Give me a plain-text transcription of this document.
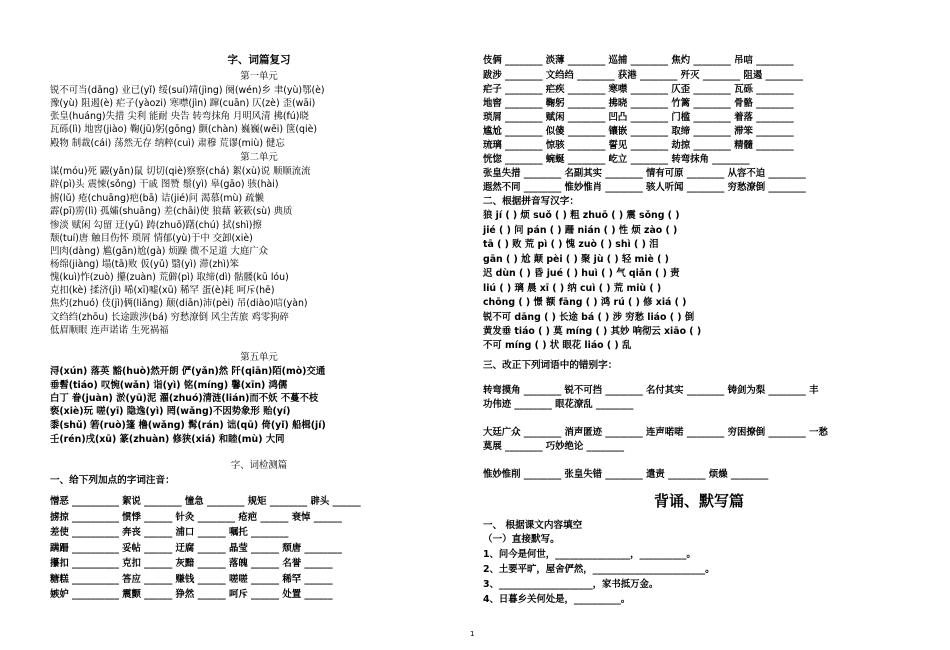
字、词篇复习
第一单元
锐不可当(dāng) 业已(yǐ) 绥(suí)靖(jìng) 阕(wén)乡 聿(yù)鄂(è)
豫(yù) 阻遏(è) 疟子(yàozi) 寒噤(jìn) 蹿(cuān) 仄(zè) 歪(wāi)
张皇(huáng)失措 尖利 能耐 央告 转弯抹角 月明风清 拂(fú)晓
瓦砾(lì) 地窖(jiào) 鞠(jū)躬(gōng) 颤(chàn) 巍巍(wēi) 箧(qiè)
殿物 制裁(cái) 荡然无存 纳粹(cuì) 肃穆 荒谬(miù) 健忘
第二单元
谋(móu)死 鼹(yǎn)鼠 切切(qiè)察察(chá) 絮(xù)说 顺顺流流
辟(pì)头 震悚(sǒng) 干戚 图赞 鬃(yì) 皋(gāo) 骇(hài)
掳(lǔ) 疮(chuāng)疤(bā) 诘(jié)问 渴慕(mù) 疏懒
霹(pī)雳(lì) 孤孀(shuāng) 差(chāi)使 狼藉 簌簌(sù) 典质
惨淡 赋闲 勾留 迂(yū) 踌(zhuō)躇(chú) 拭(shì)擦
颓(tuí)唐 触目伤怀 琐屑 情郁(yù)于中 交卸(xiè)
凹肉(dàng) 尴(gān)尬(gà) 烦躁 微不足道 大庭广众
杨绵(jiàng) 塌(tā)败 仮(yǔ) 翳(yì) 滞(zhì)笨
愧(kuì)怍(zuò) 攥(zuàn) 荒僻(pì) 取缔(dì) 骷髅(kū lóu)
克扣(kè) 揉济(jì) 唏(xī)嘘(xū) 稀罕 蛋(è)耗 呵斥(hē)
焦灼(zhuó) 伎(jì)俩(liǎng) 颠(diān)沛(pèi) 吊(diào)唁(yàn)
文绉绉(zhōu) 长途跋涉(bá) 穷愁潦倒 风尘苦旅 鸡零狗碎
低眉顺眼 连声诺诺 生死祸福
第五单元
浔(xún) 落英 豁(huò)然开朗 俨(yǎn)然 阡(qiān)陌(mò)交通
垂髫(tiáo) 叹惋(wǎn) 诣(yì) 铭(míng) 馨(xīn) 鸿儒
白丁 眷(juàn) 淤(yū)泥 濯(zhuó)清涟(lián)而不妖 不蔓不枝
亵(xiè)玩 嗟(yī) 隐逸(yì) 罔(wǎng)不因势象形 贻(yí)
黍(shǔ) 箬(ruò)篷 橹(wǎng) 髯(rán) 诎(qū) 倚(yǐ) 船楫(jí)
壬(rén)戌(xū) 篆(zhuàn) 修狭(xiá) 和睦(mù) 大同
字、词检测篇
一、给下列加点的字词注音：
憎恶 __________ 絮说 ________ 憧急 ________ 规矩 ________ 辟头 ______
掳掠 __________ 惯悸 ______ 针灸 ________ 疮疤 ______ 衰悼 ______
差使 __________ 奔丧 ______ 浦口 ______ 嘱托 ________
蹒跚 __________ 妥帖 ______ 迂腐 ______ 晶莹 ______ 颓唐 ________
攥扣 __________ 克扣 ______ 灰黯 ______ 落魄 ______ 名誉 ______
糖糕 __________ 答应 ______ 赚钱 ______ 嗟嗟 ______ 稀罕 ______
嫉妒 __________ 震颤 ______ 狰然 ______ 呵斥 ______ 处置 ______
伎俩 ________ 淡薄 ________ 巡捕 ________ 焦灼 ________ 吊唁 ________
跋涉 ________ 文绉绉 ________ 获港 ________ 歼灭 ________ 阻遏 ________
疟子 ________ 疟疾 ________ 寒噤 ________ 仄歪 ________ 瓦砾 ________
地窖 ________ 鞠躬 ________ 拂晓 ________ 竹篱 ________ 骨骼 ________
琐屑 ________ 赋闲 ________ 凹凸 ________ 门槛 ________ 着落 ________
尴尬 ________ 似傻 ________ 镶嵌 ________ 取缔 ________ 滞笨 ________
琉璃 ________ 惊骇 ________ 誓见 ________ 劫掠 ________ 精髓 ________
恍惚 ________ 蜿蜒 ________ 屹立 ________ 转弯抹角 ________
张皇失措 ________ 名副其实 ________ 情有可原 ________ 从容不迫 ________
遐然不同 ________ 惟妙惟肖 ________ 骇人听闻 ________ 穷愁潦倒 ________
二、根据拼音写汉字：
狼 jí ( ) 烦 suǒ ( ) 粗 zhuō ( ) 震 sǒng ( )
jié ( ) 问 pán ( ) 跚 nián ( ) 性 烦 zào ( )
tā ( ) 败 荒 pì ( ) 愧 zuò ( ) shì ( ) 泪
gān ( ) 尬 颠 pèi ( ) 聚 jù ( ) 轻 miè ( )
迟 dùn ( ) 昏 jué ( ) huì ( ) 气 qiǎn ( ) 责
liú ( ) 璃 晨 xī ( ) 纳 cuì ( ) 荒 miù ( )
chōng ( ) 憬 额 fāng ( ) 鸿 rú ( ) 修 xiá ( )
锐不可 dāng ( ) 长途 bá ( ) 涉 穷愁 liáo ( ) 倒
黄发垂 tiáo ( ) 莫 míng ( ) 其妙 响彻云 xiāo ( )
不可 míng ( ) 状 眼花 liáo ( ) 乱
三、改正下列词语中的错别字：
转弯摸角 ________ 锐不可挡 ________ 名付其实 ________ 铸剑为梨 ________ 丰
功伟迹 ________ 眼花潦乱 ________
大廷广众 ________ 消声匿迹 ________ 连声喏喏 ________ 穷困撩倒 ________ 一愁
莫展 ________ 巧妙绝论 ________
惟妙惟削 ________ 张皇失错 ________ 遣责 ________ 烦燥 ________
背诵、默写篇
一、 根据课文内容填空
（一）直接默写。
1、问今是何世，________________，__________。
2、土要平旷，屋舍俨然，________________________。
3、____________________，家书抵万金。
4、日暮乡关何处是，__________。
1
